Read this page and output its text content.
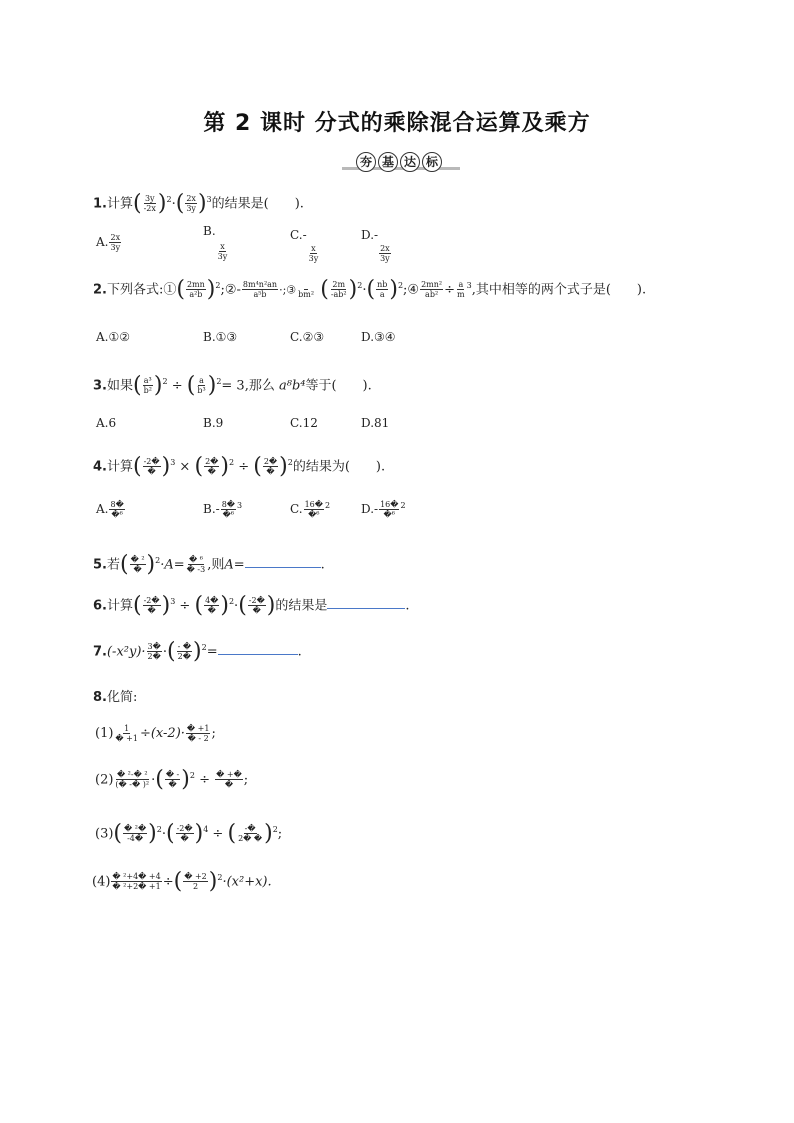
第 2 课时 分式的乘除混合运算及乘方
夯 基 达 标
1.计算( $\frac{3y}{-2x} )^2\cdot( \frac{2x}{3y} )^3$的结果是(　　).
A. $\frac{2x}{3y}$
B.
$\frac{x}{3y}$
C.-
$\frac{x}{3y}$
D.-
$\frac{2x}{3y}$
2.下列各式:①( $\frac{2mn}{\text{a²b}}$ )$^2$;②- $\frac{\text{8m⁴n²an}}{\text{a⁵b}}$ ·;③
bm² ( $\frac{2m}{\text{-ab²}} )^2\cdot( \frac{nb}{a}$ )$^2;④ \frac{\text{2mn²}}{\text{ab²}} \div \frac{a}{m} ^3$,其中相等的两个式子是(　　).
A.①②	B.①③	C.②③	D.③④
3.如果( $\frac{\text{a³}}{\text{b²}} )^2$ ÷ ( $\frac{a}{\text{b³}} )^2= 3$,那么 a⁸b⁴等于(　　).
A.6	B.9	C.12	D.81
4.计算( $\frac{-2�}{�} )^3$ × ( $\frac{2�}{�} )^2$ ÷ ( $\frac{2�}{�} )^2$的结果为(　　).
A. $\frac{8�}{\text{�⁶}}$	$B.- \frac{8�}{\text{�⁶}} ^3$	C. $\frac{16�}{\text{�⁶}} ^2$	$D.- \frac{16�}{\text{�⁶}} ^2$
5.若( $\frac{\text{� ²}}{�} )^2\cdot A= \frac{\text{� ⁶}}{� -3}$ ,则A=	.
6.计算( $\frac{-2�}{�} )^3$ ÷ ( $\frac{4�}{�} )^2\cdot( \frac{-2�}{�}$ )的结果是	.
$7.(-x^2y)\cdot \frac{3�}{2�}$ ·( $\frac{- �}{2�} )^2=$	.
8.化简:
$(1) \frac{1}{� +1} \div(x-2)\cdot \frac{� +1}{� - 2}$ ;
$(2) \frac{\text{� ²-� ²}}{\text{(� -� )²}}$ ·( $\frac{� -}{�} )^2 \div \frac{� +�}{�}$ ;
$(3)( \frac{\text{� ²�}}{-4�} )^2\cdot( \frac{-2�}{�} )^4$ ÷ ( $\frac{-�}{2� �} )^2$;
$(4) \frac{\text{� ²+4� +4}}{\text{� ²+2� +1}}$ ÷( $\frac{� +2}{2} )^2\cdot(x^2+x)$.
